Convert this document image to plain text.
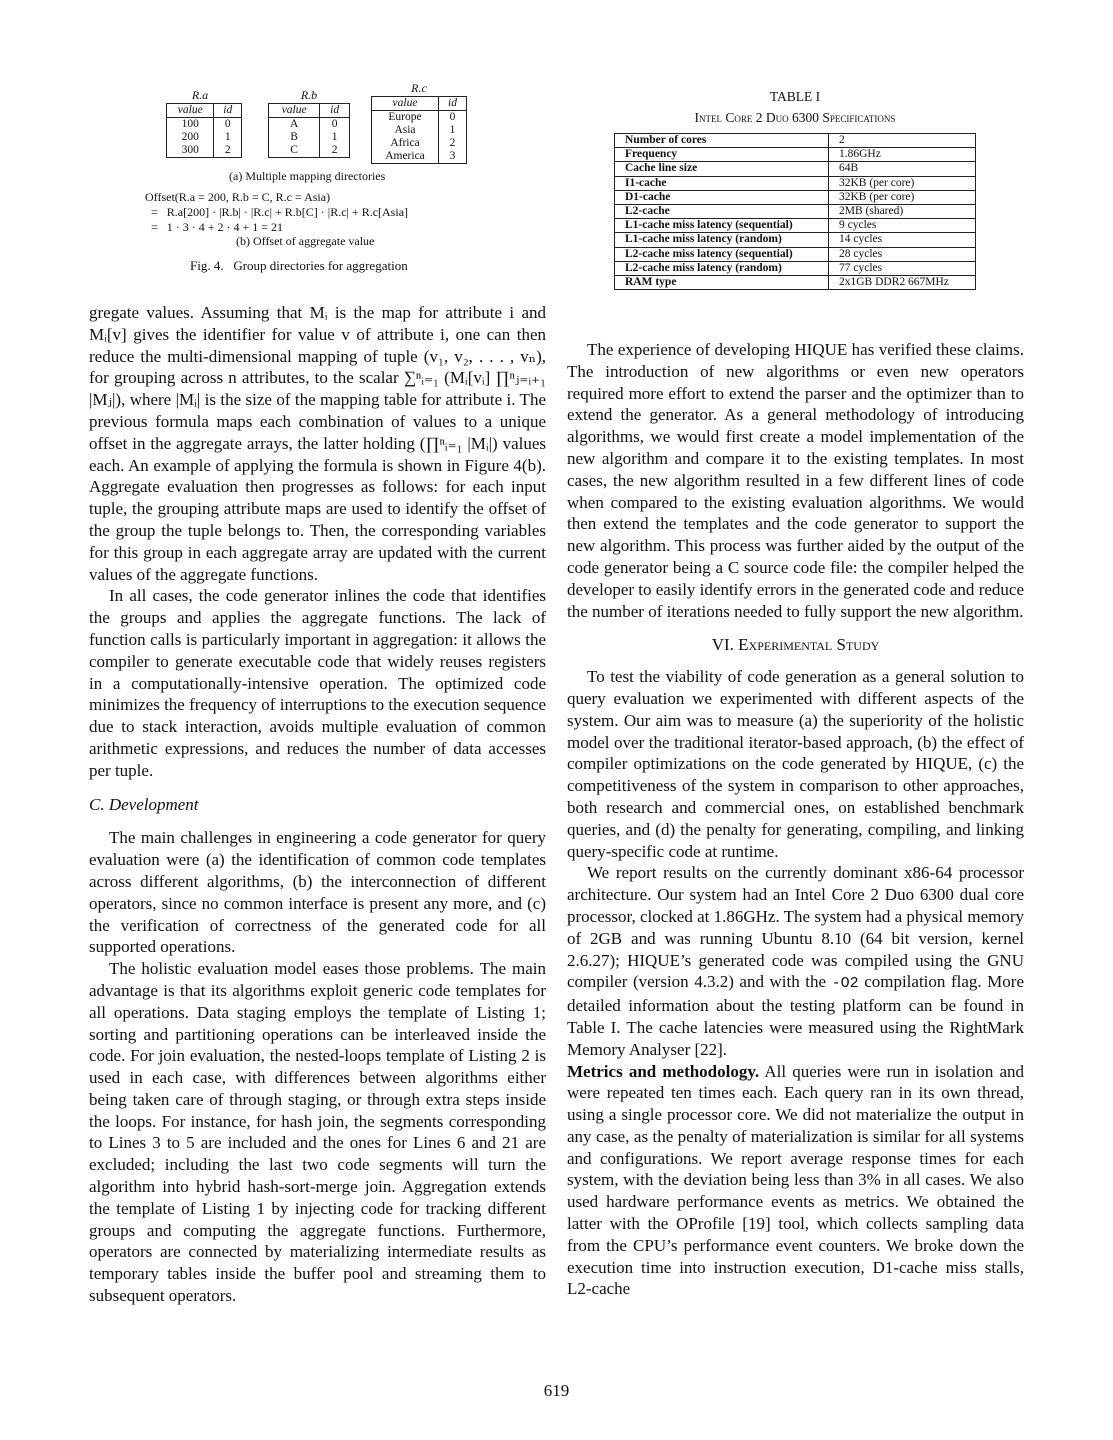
R.a
value	id
100	0
200	1
300	2
R.b
value	id
A	0
B	1
C	2
R.c
value	id
Europe	0
Asia	1
Africa	2
America	3
(a) Multiple mapping directories
Offset(R.a = 200, R.b = C, R.c = Asia)
=   R.a[200] · |R.b| · |R.c| + R.b[C] · |R.c| + R.c[Asia]
=   1 · 3 · 4 + 2 · 4 + 1 = 21
(b) Offset of aggregate value
Fig. 4.   Group directories for aggregation
TABLE I
Intel Core 2 Duo 6300 Specifications
Number of cores	2
Frequency	1.86GHz
Cache line size	64B
I1-cache	32KB (per core)
D1-cache	32KB (per core)
L2-cache	2MB (shared)
L1-cache miss latency (sequential)	9 cycles
L1-cache miss latency (random)	14 cycles
L2-cache miss latency (sequential)	28 cycles
L2-cache miss latency (random)	77 cycles
RAM type	2x1GB DDR2 667MHz

gregate values. Assuming that Mᵢ is the map for attribute i and Mᵢ[v] gives the identifier for value v of attribute i, one can then reduce the multi-dimensional mapping of tuple (v₁, v₂, . . . , vₙ), for grouping across n attributes, to the scalar ∑ⁿᵢ₌₁ (Mᵢ[vᵢ] ∏ⁿⱼ₌ᵢ₊₁ |Mⱼ|), where |Mᵢ| is the size of the mapping table for attribute i. The previous formula maps each combination of values to a unique offset in the aggregate arrays, the latter holding (∏ⁿᵢ₌₁ |Mᵢ|) values each. An example of applying the formula is shown in Figure 4(b). Aggregate evaluation then progresses as follows: for each input tuple, the grouping attribute maps are used to identify the offset of the group the tuple belongs to. Then, the corresponding variables for this group in each aggregate array are updated with the current values of the aggregate functions.

In all cases, the code generator inlines the code that identifies the groups and applies the aggregate functions. The lack of function calls is particularly important in aggregation: it allows the compiler to generate executable code that widely reuses registers in a computationally-intensive operation. The optimized code minimizes the frequency of interruptions to the execution sequence due to stack interaction, avoids multiple evaluation of common arithmetic expressions, and reduces the number of data accesses per tuple.

C. Development

The main challenges in engineering a code generator for query evaluation were (a) the identification of common code templates across different algorithms, (b) the interconnection of different operators, since no common interface is present any more, and (c) the verification of correctness of the generated code for all supported operations.

The holistic evaluation model eases those problems. The main advantage is that its algorithms exploit generic code templates for all operations. Data staging employs the template of Listing 1; sorting and partitioning operations can be interleaved inside the code. For join evaluation, the nested-loops template of Listing 2 is used in each case, with differences between algorithms either being taken care of through staging, or through extra steps inside the loops. For instance, for hash join, the segments corresponding to Lines 3 to 5 are included and the ones for Lines 6 and 21 are excluded; including the last two code segments will turn the algorithm into hybrid hash-sort-merge join. Aggregation extends the template of Listing 1 by injecting code for tracking different groups and computing the aggregate functions. Furthermore, operators are connected by materializing intermediate results as temporary tables inside the buffer pool and streaming them to subsequent operators.

The experience of developing HIQUE has verified these claims. The introduction of new algorithms or even new operators required more effort to extend the parser and the optimizer than to extend the generator. As a general methodology of introducing algorithms, we would first create a model implementation of the new algorithm and compare it to the existing templates. In most cases, the new algorithm resulted in a few different lines of code when compared to the existing evaluation algorithms. We would then extend the templates and the code generator to support the new algorithm. This process was further aided by the output of the code generator being a C source code file: the compiler helped the developer to easily identify errors in the generated code and reduce the number of iterations needed to fully support the new algorithm.

VI. Experimental Study

To test the viability of code generation as a general solution to query evaluation we experimented with different aspects of the system. Our aim was to measure (a) the superiority of the holistic model over the traditional iterator-based approach, (b) the effect of compiler optimizations on the code generated by HIQUE, (c) the competitiveness of the system in comparison to other approaches, both research and commercial ones, on established benchmark queries, and (d) the penalty for generating, compiling, and linking query-specific code at runtime.

We report results on the currently dominant x86-64 processor architecture. Our system had an Intel Core 2 Duo 6300 dual core processor, clocked at 1.86GHz. The system had a physical memory of 2GB and was running Ubuntu 8.10 (64 bit version, kernel 2.6.27); HIQUE’s generated code was compiled using the GNU compiler (version 4.3.2) and with the -O2 compilation flag. More detailed information about the testing platform can be found in Table I. The cache latencies were measured using the RightMark Memory Analyser [22].

Metrics and methodology. All queries were run in isolation and were repeated ten times each. Each query ran in its own thread, using a single processor core. We did not materialize the output in any case, as the penalty of materialization is similar for all systems and configurations. We report average response times for each system, with the deviation being less than 3% in all cases. We also used hardware performance events as metrics. We obtained the latter with the OProfile [19] tool, which collects sampling data from the CPU’s performance event counters. We broke down the execution time into instruction execution, D1-cache miss stalls, L2-cache

619
